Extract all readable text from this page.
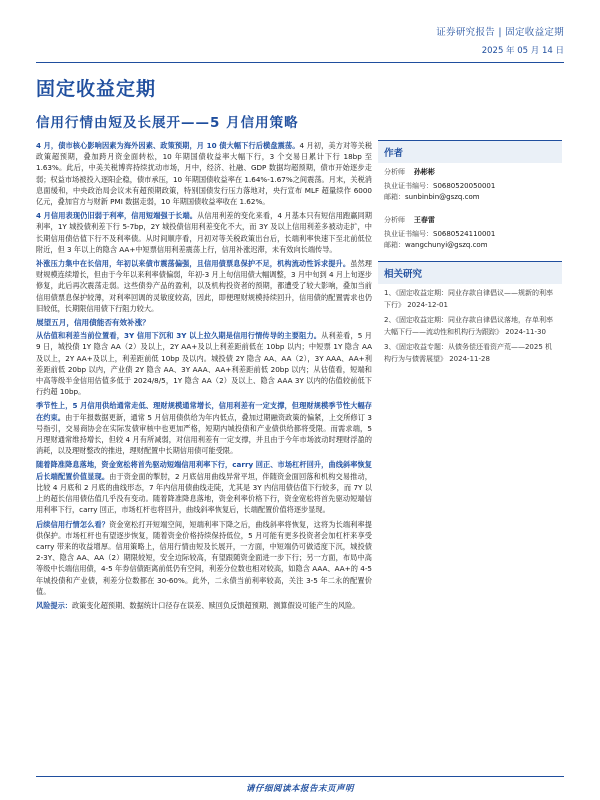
证券研究报告 | 固定收益定期
2025 年 05 月 14 日
固定收益定期
信用行情由短及长展开——5 月信用策略

4 月，债市核心影响因素为海外因素、政策预期，月 10 债大幅下行后横盘震荡。4 月初，美方对等关税政策超预期，叠加跨月资金面转松，10 年期国债收益率大幅下行，3 个交易日累计下行 18bp 至 1.63%。此后，中美关税博弈持续扰动市场，月中，经济、社融、GDP 数据均超预期，债市开始逐步走弱；权益市场被投入逐阳企稳，债市承压，10 年期国债收益率在 1.64%-1.67%之间震荡。月末，关税消息面缓和，中央政治局会议未有超预期政策，特别国债发行压力落地对，央行宣布 MLF 超量续作 6000 亿元，叠加官方与财新 PMI 数据走弱，10 年期国债收益率收在 1.62%。

4 月信用表现仍旧弱于利率，信用短端强于长端。从信用利差的变化来看，4 月基本只有短信用跑赢同期利率，1Y 城投债利差下行 5-7bp，2Y 城投债信用利差变化不大，而 3Y 及以上信用利差多被动走扩，中长期信用债估值下行不及利率债。从时间顺序看，月初对等关税政策出台后，长端利率快速下至北前低位附近，但 3 年以上的隐含 AA+中短票信用利差震荡上行，信用补涨迟滞，未有效向长端传导。

补涨压力集中在长信用，年初以来债市震荡偏强，且信用债票息保护不足，机构流动性诉求提升。虽然理财规模连续增长，但由于今年以来利率债偏弱，年初-3 月上旬信用债大幅调整，3 月中旬到 4 月上旬逐步修复，此后再次震荡走弱。这些债券产品的盈利，以及机构投资者的预期，都遭受了较大影响，叠加当前信用债票息保护较薄，对利率回调的灵敏度较高，因此，即便理财规模持续回升，信用债的配置需求也仍旧较低，长期限信用债下行阻力较大。

展望五月，信用债能否有效补涨？

从估值和利差当前位置看，3Y 信用下沉和 3Y 以上拉久期是信用行情传导的主要阻力。从利差看，5 月 9 日，城投债 1Y 隐含 AA（2）及以上，2Y AA+及以上利差距前低在 10bp 以内；中短票 1Y 隐含 AA 及以上，2Y AA+及以上，利差距前低 10bp 及以内。城投债 2Y 隐含 AA、AA（2），3Y AAA、AA+利差距前低 20bp 以内，产业债 2Y 隐含 AA、3Y AAA、AA+利差距前低 20bp 以内；从估值看，短端和中高等级半金信用估值多低于 2024/8/5，1Y 隐含 AA（2）及以上、隐含 AAA 3Y 以内的估值较前低下行约超 10bp。

季节性上，5 月信用供给通常走低、理财规模通常增长，信用利差有一定支撑，但理财规模季节性大幅存在约束。由于年报数据更新，通常 5 月信用债供给为年内低点，叠加过期融资政策的偏紧，上交所修订 3 号指引，交易商协会在实际发债审核中也更加严格，短期内城投债和产业债供给都将受限。而需求端，5 月理财通常维持增长，但较 4 月有所减弱，对信用利差有一定支撑，并且由于今年市场波动时理财浮盈的消耗，以及理财整改的推进，理财配置中长期信用债可能受限。

随着降准降息落地，资金宽松将首先驱动短端信用利率下行，carry 回正、市场杠杆回升，曲线斜率恢复后长端配置价值显现。由于资金面的掣肘，2 月底信用曲线异常平坦，伴随资金面回落和机构交易推动，比较 4 月底和 2 月底的曲线形态，7 年内信用债曲线走陡，尤其是 3Y 内信用债估值下行较多，而 7Y 以上的超长信用债估值几乎没有变动。随着降准降息落地，资金利率价格下行，资金宽松将首先驱动短端信用利率下行，carry 回正，市场杠杆也将回升，曲线斜率恢复后，长端配置价值将逐步显现。

后续信用行情怎么看？资金宽松打开短端空间，短端利率下降之后，曲线斜率将恢复，这将为长端利率提供保护。市场杠杆也有望逐步恢复，随着资金价格持续保持低位，5 月可能有更多投资者会加杠杆来享受 carry 带来的收益增厚。信用策略上，信用行情由短及长展开，一方面，中短端仍可做适度下沉，城投债 2-3Y、隐含 AA、AA（2）期限较短，安全边际较高，有望跟随资金面进一步下行；另一方面，布局中高等级中长端信用债，4-5 年券信债距离前低仍有空间，利差分位数也相对较高，如隐含 AAA、AA+的 4-5 年城投债和产业债，利差分位数都在 30-60%。此外，二永债当前利率较高，关注 3-5 年二永的配置价值。

风险提示：政策变化超预期、数据统计口径存在误差、赎回负反馈超预期、测算假设可能产生的风险。

作者
分析师 孙彬彬
执业证书编号：S0680520050001
邮箱：sunbinbin@gszq.com
分析师 王春雷
执业证书编号：S0680524110001
邮箱：wangchunyi@gszq.com
相关研究
1、《固定收益定期：同业存款自律倡议——规新的利率下行》 2024-12-01
2、《固定收益定期：同业存款自律倡议落地，存单利率大幅下行——流动性和机构行为跟踪》 2024-11-30
3、《固定收益专题：从债务偿还看资产荒——2025 机构行为与债需展望》 2024-11-28
请仔细阅读本报告末页声明
